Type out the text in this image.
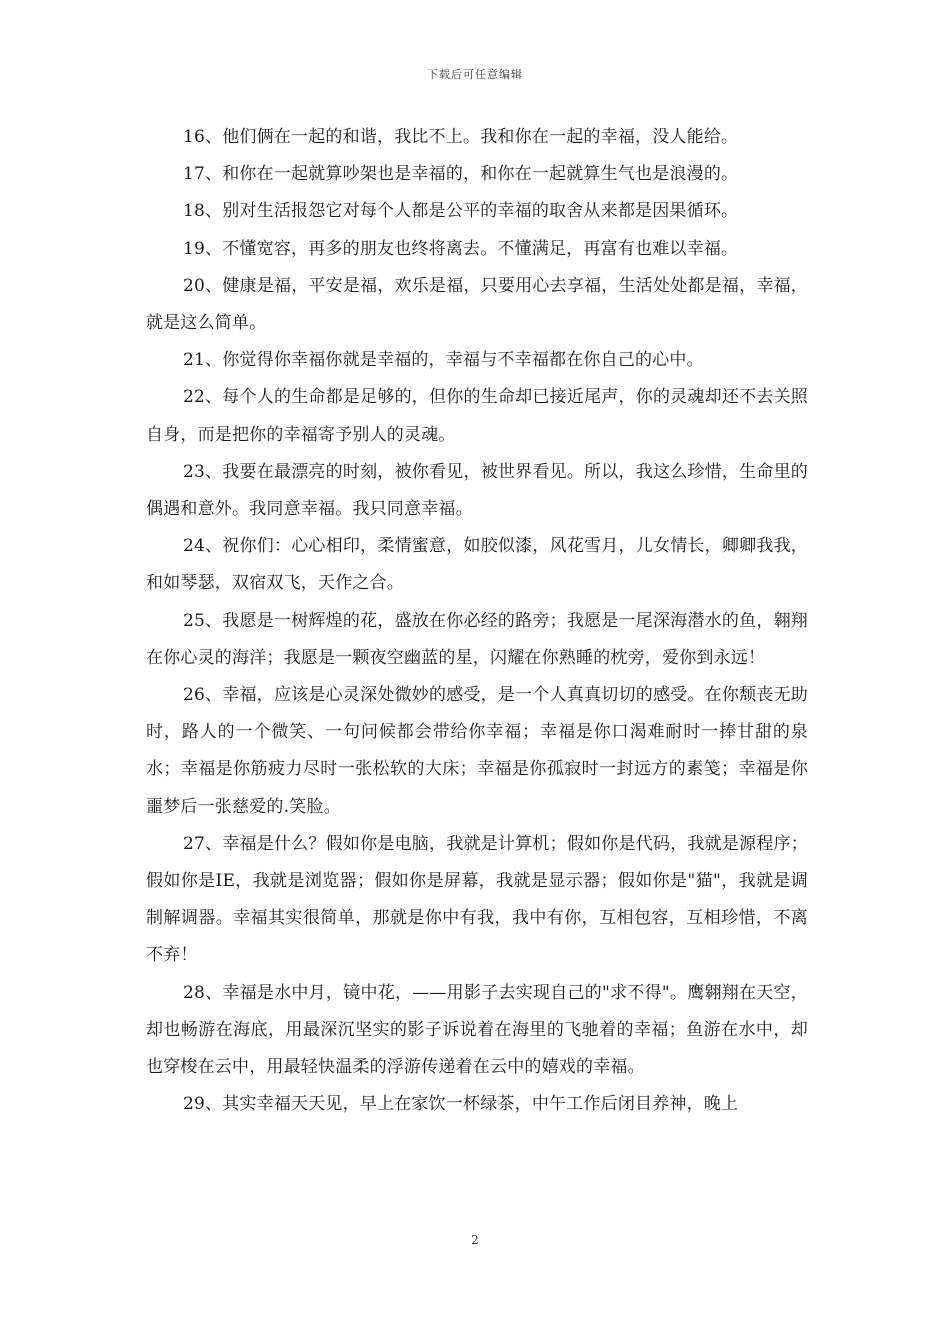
下载后可任意编辑

16、他们俩在一起的和谐，我比不上。我和你在一起的幸福，没人能给。

17、和你在一起就算吵架也是幸福的，和你在一起就算生气也是浪漫的。

18、别对生活报怨它对每个人都是公平的幸福的取舍从来都是因果循环。

19、不懂宽容，再多的朋友也终将离去。不懂满足，再富有也难以幸福。

20、健康是福，平安是福，欢乐是福，只要用心去享福，生活处处都是福，幸福，就是这么简单。

21、你觉得你幸福你就是幸福的，幸福与不幸福都在你自己的心中。

22、每个人的生命都是足够的，但你的生命却已接近尾声，你的灵魂却还不去关照自身，而是把你的幸福寄予别人的灵魂。

23、我要在最漂亮的时刻，被你看见，被世界看见。所以，我这么珍惜，生命里的偶遇和意外。我同意幸福。我只同意幸福。

24、祝你们：心心相印，柔情蜜意，如胶似漆，风花雪月，儿女情长，卿卿我我，和如琴瑟，双宿双飞，天作之合。

25、我愿是一树辉煌的花，盛放在你必经的路旁；我愿是一尾深海潜水的鱼，翱翔在你心灵的海洋；我愿是一颗夜空幽蓝的星，闪耀在你熟睡的枕旁，爱你到永远！

26、幸福，应该是心灵深处微妙的感受，是一个人真真切切的感受。在你颓丧无助时，路人的一个微笑、一句问候都会带给你幸福；幸福是你口渴难耐时一捧甘甜的泉水；幸福是你筋疲力尽时一张松软的大床；幸福是你孤寂时一封远方的素笺；幸福是你噩梦后一张慈爱的.笑脸。

27、幸福是什么？假如你是电脑，我就是计算机；假如你是代码，我就是源程序；假如你是IE，我就是浏览器；假如你是屏幕，我就是显示器；假如你是"猫"，我就是调制解调器。幸福其实很简单，那就是你中有我，我中有你，互相包容，互相珍惜，不离不弃！

28、幸福是水中月，镜中花，——用影子去实现自己的"求不得"。鹰翱翔在天空，却也畅游在海底，用最深沉坚实的影子诉说着在海里的飞驰着的幸福；鱼游在水中，却也穿梭在云中，用最轻快温柔的浮游传递着在云中的嬉戏的幸福。

29、其实幸福天天见，早上在家饮一杯绿茶，中午工作后闭目养神，晚上

2
